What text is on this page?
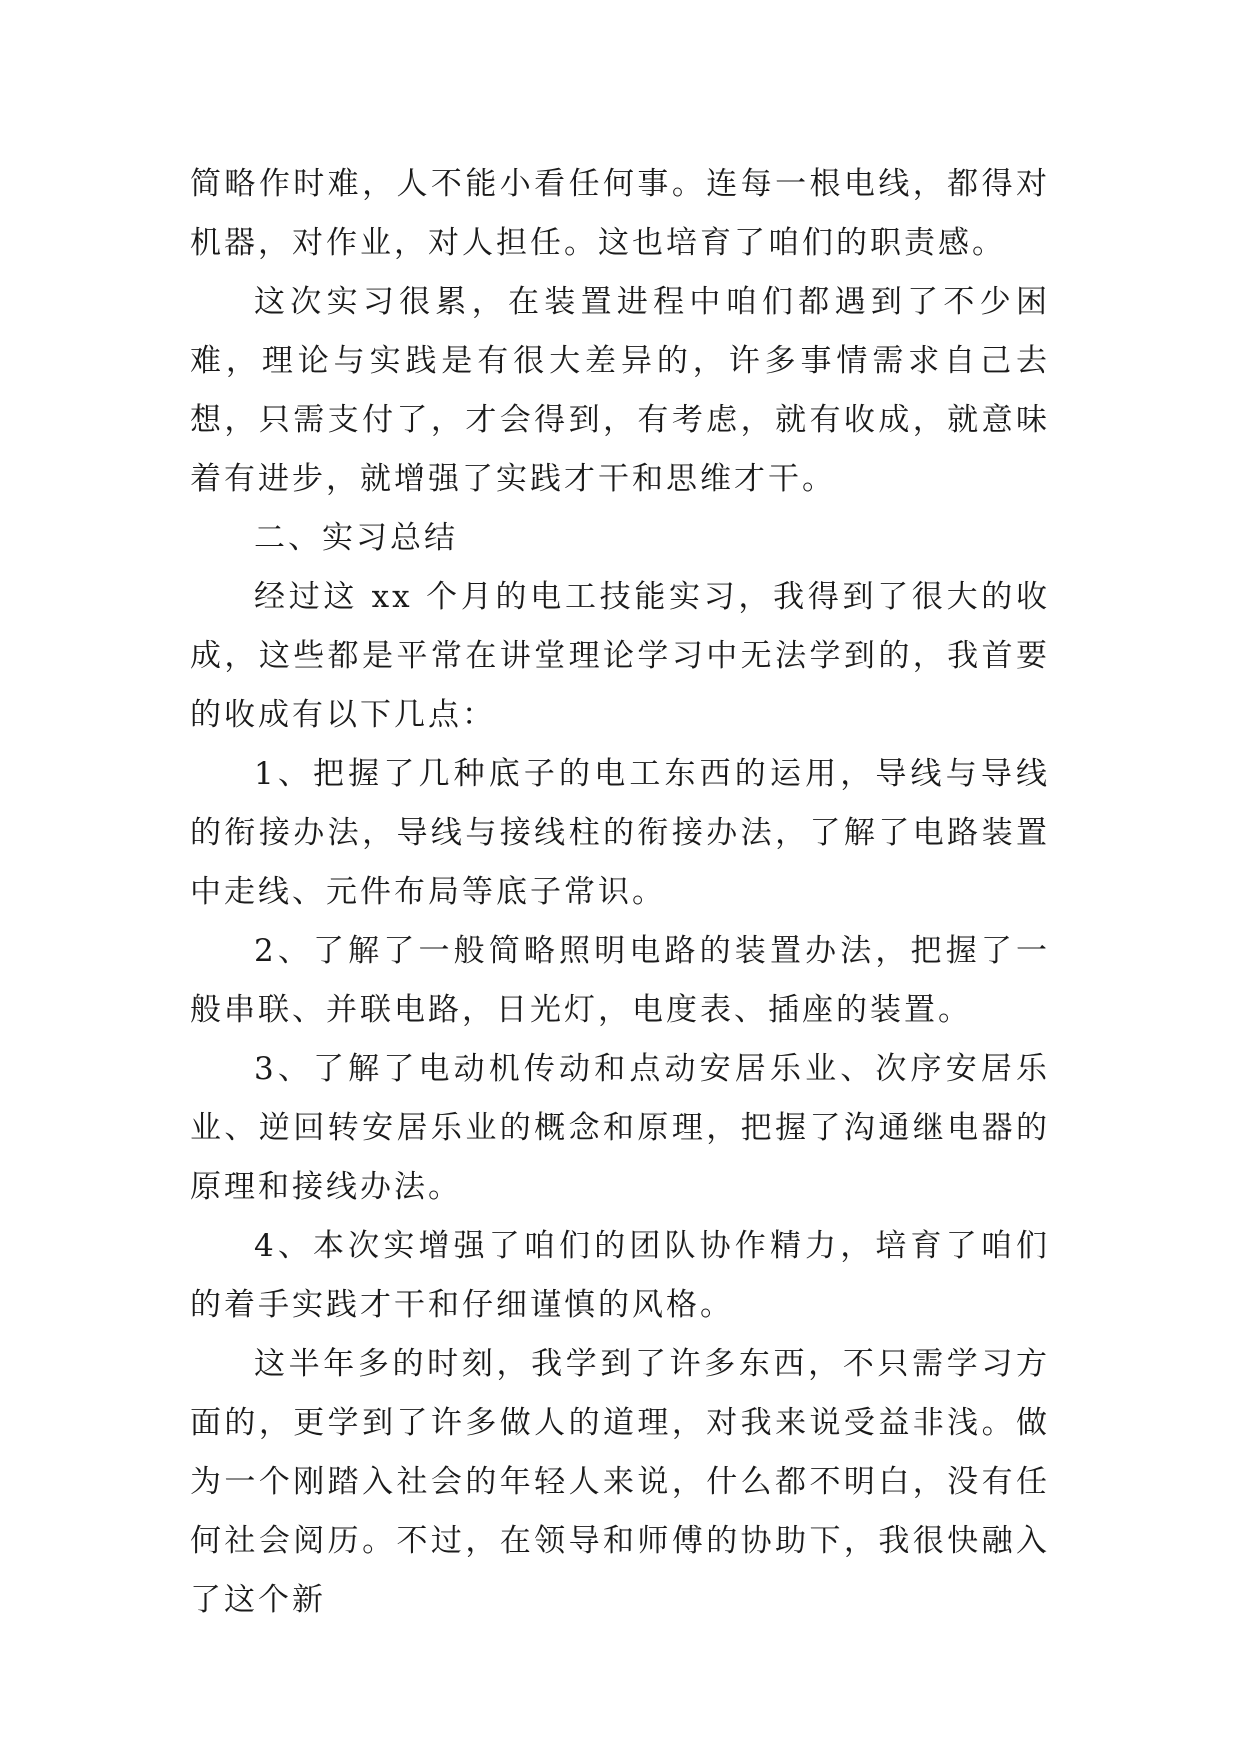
简略作时难，人不能小看任何事。连每一根电线，都得对机器，对作业，对人担任。这也培育了咱们的职责感。

这次实习很累，在装置进程中咱们都遇到了不少困难，理论与实践是有很大差异的，许多事情需求自己去想，只需支付了，才会得到，有考虑，就有收成，就意味着有进步，就增强了实践才干和思维才干。

二、实习总结

经过这 xx 个月的电工技能实习，我得到了很大的收成，这些都是平常在讲堂理论学习中无法学到的，我首要的收成有以下几点：

1、把握了几种底子的电工东西的运用，导线与导线的衔接办法，导线与接线柱的衔接办法，了解了电路装置中走线、元件布局等底子常识。

2、了解了一般简略照明电路的装置办法，把握了一般串联、并联电路，日光灯，电度表、插座的装置。

3、了解了电动机传动和点动安居乐业、次序安居乐业、逆回转安居乐业的概念和原理，把握了沟通继电器的原理和接线办法。

4、本次实增强了咱们的团队协作精力，培育了咱们的着手实践才干和仔细谨慎的风格。

这半年多的时刻，我学到了许多东西，不只需学习方面的，更学到了许多做人的道理，对我来说受益非浅。做为一个刚踏入社会的年轻人来说，什么都不明白，没有任何社会阅历。不过，在领导和师傅的协助下，我很快融入了这个新
